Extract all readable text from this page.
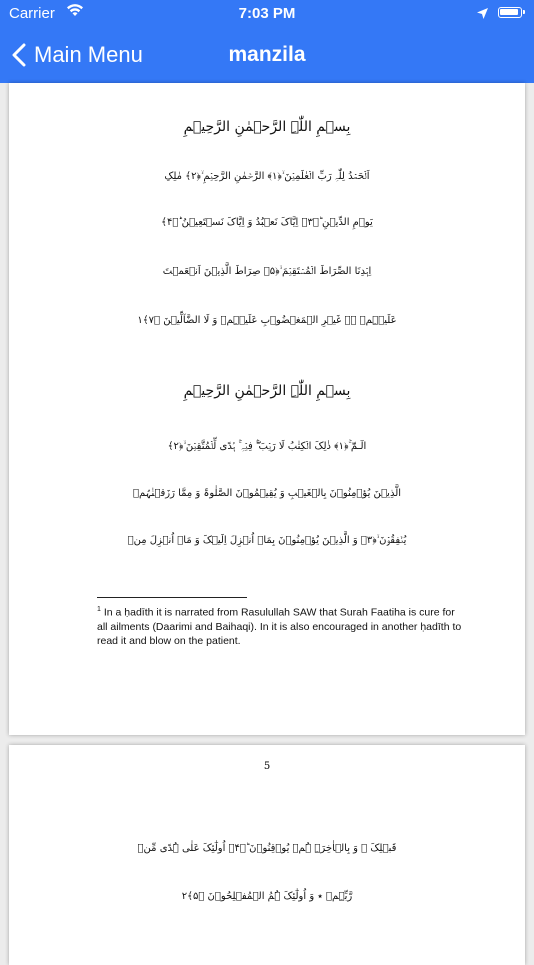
Carrier	7:03 PM
Main Menu	manzila
بِسۡمِ اللّٰہِ الرَّحۡمٰنِ الرَّحِیۡمِ
اَلۡحَمۡدُ لِلّٰہِ رَبِّ الۡعٰلَمِیۡنَ ۙ﴿۱﴾ الرَّحۡمٰنِ الرَّحِیۡمِ ۙ﴿۲﴾ مٰلِکِ
یَوۡمِ الدِّیۡنِ ؕ﴿۳﴾ اِیَّاکَ نَعۡبُدُ وَ اِیَّاکَ نَسۡتَعِیۡنُ ؕ﴿۴﴾
اِہۡدِنَا الصِّرَاطَ الۡمُسۡتَقِیۡمَ ۙ﴿۵﴾ صِرَاطَ الَّذِیۡنَ اَنۡعَمۡتَ
عَلَیۡہِمۡ ۬ۙ غَیۡرِ الۡمَغۡضُوۡبِ عَلَیۡہِمۡ وَ لَا الضَّآلِّیۡنَ ﴿۷﴾١
بِسۡمِ اللّٰہِ الرَّحۡمٰنِ الرَّحِیۡمِ
الٓـمّٓ ۚ﴿۱﴾ ذٰلِکَ الۡکِتٰبُ لَا رَیۡبَ ۚۖۛ فِیۡہِ ۚۛ ہُدًی لِّلۡمُتَّقِیۡنَ ۙ﴿۲﴾
الَّذِیۡنَ یُؤۡمِنُوۡنَ بِالۡغَیۡبِ وَ یُقِیۡمُوۡنَ الصَّلٰوۃَ وَ مِمَّا رَزَقۡنٰہُمۡ
یُنۡفِقُوۡنَ ۙ﴿۳﴾ وَ الَّذِیۡنَ یُؤۡمِنُوۡنَ بِمَاۤ اُنۡزِلَ اِلَیۡکَ وَ مَاۤ اُنۡزِلَ مِنۡ
$^1$ In a ḥadīth it is narrated from Rasulullah SAW that Surah Faatiha is cure for all ailments (Daarimi and Baihaqi). In it is also encouraged in another ḥadīth to read it and blow on the patient.
5
قَبۡلِکَ ۚ وَ بِالۡاٰخِرَۃِ ہُمۡ یُوۡقِنُوۡنَ ؕ﴿۴﴾ اُولٰٓئِکَ عَلٰی ہُدًی مِّنۡ
رَّبِّہِمۡ ٭ وَ اُولٰٓئِکَ ہُمُ الۡمُفۡلِحُوۡنَ ﴿۵﴾٢
